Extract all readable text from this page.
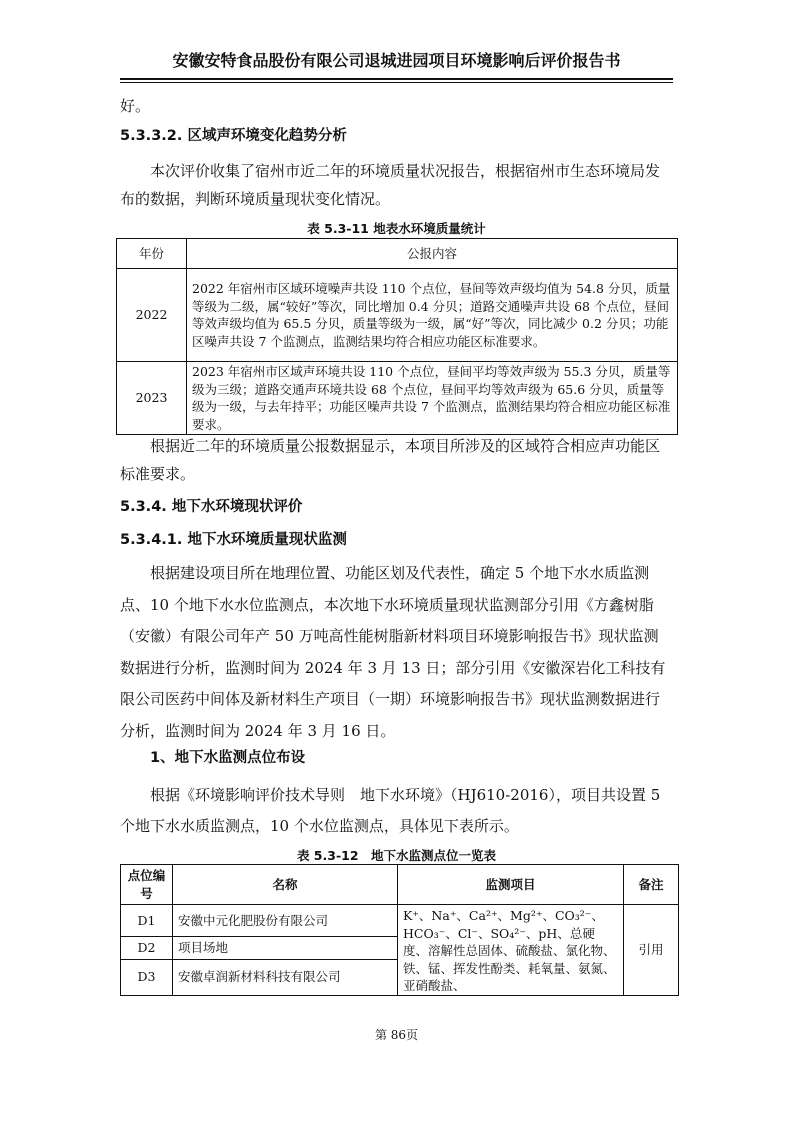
安徽安特食品股份有限公司退城进园项目环境影响后评价报告书

好。

5.3.3.2. 区域声环境变化趋势分析

本次评价收集了宿州市近二年的环境质量状况报告，根据宿州市生态环境局发布的数据，判断环境质量现状变化情况。

表 5.3-11 地表水环境质量统计
年份	公报内容
2022	2022 年宿州市区域环境噪声共设 110 个点位，昼间等效声级均值为 54.8 分贝，质量等级为二级，属“较好”等次，同比增加 0.4 分贝；道路交通噪声共设 68 个点位，昼间等效声级均值为 65.5 分贝，质量等级为一级，属“好”等次，同比减少 0.2 分贝；功能区噪声共设 7 个监测点，监测结果均符合相应功能区标准要求。
2023	2023 年宿州市区域声环境共设 110 个点位，昼间平均等效声级为 55.3 分贝，质量等级为三级；道路交通声环境共设 68 个点位，昼间平均等效声级为 65.6 分贝，质量等级为一级，与去年持平；功能区噪声共设 7 个监测点，监测结果均符合相应功能区标准要求。

根据近二年的环境质量公报数据显示，本项目所涉及的区域符合相应声功能区标准要求。

5.3.4. 地下水环境现状评价

5.3.4.1. 地下水环境质量现状监测

根据建设项目所在地理位置、功能区划及代表性，确定 5 个地下水水质监测点、10 个地下水水位监测点，本次地下水环境质量现状监测部分引用《方鑫树脂（安徽）有限公司年产 50 万吨高性能树脂新材料项目环境影响报告书》现状监测数据进行分析，监测时间为 2024 年 3 月 13 日；部分引用《安徽深岩化工科技有限公司医药中间体及新材料生产项目（一期）环境影响报告书》现状监测数据进行分析，监测时间为 2024 年 3 月 16 日。

1、地下水监测点位布设

根据《环境影响评价技术导则　地下水环境》（HJ610-2016），项目共设置 5 个地下水水质监测点，10 个水位监测点，具体见下表所示。

表 5.3-12　地下水监测点位一览表
点位编号	名称	监测项目	备注
D1	安徽中元化肥股份有限公司	K⁺、Na⁺、Ca²⁺、Mg²⁺、CO₃²⁻、HCO₃⁻、Cl⁻、SO₄²⁻、pH、总硬度、溶解性总固体、硫酸盐、氯化物、铁、锰、挥发性酚类、耗氧量、氨氮、亚硝酸盐、	引用
D2	项目场地		
D3	安徽卓润新材料科技有限公司		
第 86页
